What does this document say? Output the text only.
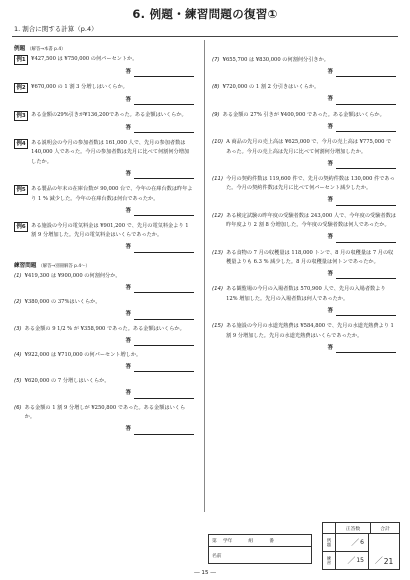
6. 例題・練習問題の復習①
1. 割合に関する計算（p.4）
例題 （解答→本書 p.4）
例1	¥427,500 は ¥750,000 の何パーセントか。
答
例2	¥670,000 の 1 割 3 分増しはいくらか。
答
例3	ある金額の29%引きが¥136,200であった。ある金額はいくらか。
答
例4	ある説明会の今月の参加者数は 161,000 人で、先月の参加者数は 140,000 人であった。今月の参加者数は先月に比べて何割何分増加したか。
答
例5	ある製品の年末の在庫台数が 90,000 台で、今年の在庫台数は昨年より 1 % 減少した。今年の在庫台数は何台であったか。
答
例6	ある施設の今月の電気料金は ¥901,200 で、先月の電気料金より 1 割 9 分増加した。先月の電気料金はいくらであったか。
答
練習問題 （解答→別冊解答 p.4〜）
(1) ¥419,300 は ¥900,000 の何割何分か。
答
(2) ¥380,000 の 37%はいくらか。
答
(3) ある金額の 9 1/2 % が ¥358,900 であった。ある金額はいくらか。
答
(4) ¥922,000 は ¥710,000 の何パーセント増しか。
答
(5) ¥620,000 の 7 分増しはいくらか。
答
(6) ある金額の 1 割 9 分増しが ¥250,800 であった。ある金額はいくらか。
答
(7) ¥655,700 は ¥830,000 の何割何分引きか。
答
(8) ¥720,000 の 1 割 2 分引きはいくらか。
答
(9) ある金額の 27% 引きが ¥400,900 であった。ある金額はいくらか。
答
(10) A 商品の先月の売上高は ¥625,000 で、今月の売上高は ¥775,000 であった。今月の売上高は先月に比べて何割何分増加したか。
答
(11) 今月の契約件数は 119,600 件で、先月の契約件数は 130,000 件であった。今月の契約件数は先月に比べて何パーセント減少したか。
答
(12) ある検定試験の昨年度の受験者数は 243,000 人で、今年度の受験者数は昨年度より 2 割 8 分増加した。今年度の受験者数は何人であったか。
答
(13) ある食物の 7 月の収穫量は 118,000 トンで、8 月の収穫量は 7 月の収穫量よりも 6.3 % 減少した。8 月の収穫量は何トンであったか。
答
(14) ある観覧場の今月の入場者数は 570,900 人で、先月の入場者数より 12% 増加した。先月の入場者数は何人であったか。
答
(15) ある施設の今月の水道光熱費は ¥584,800 で、先月の水道光熱費より 1 割 9 分増加した。先月の水道光熱費はいくらであったか。
答
第 学年	組	番
名前
正答数	合計
例題	／ 6
練習	／ 15 ／ 21
― 15 ―
